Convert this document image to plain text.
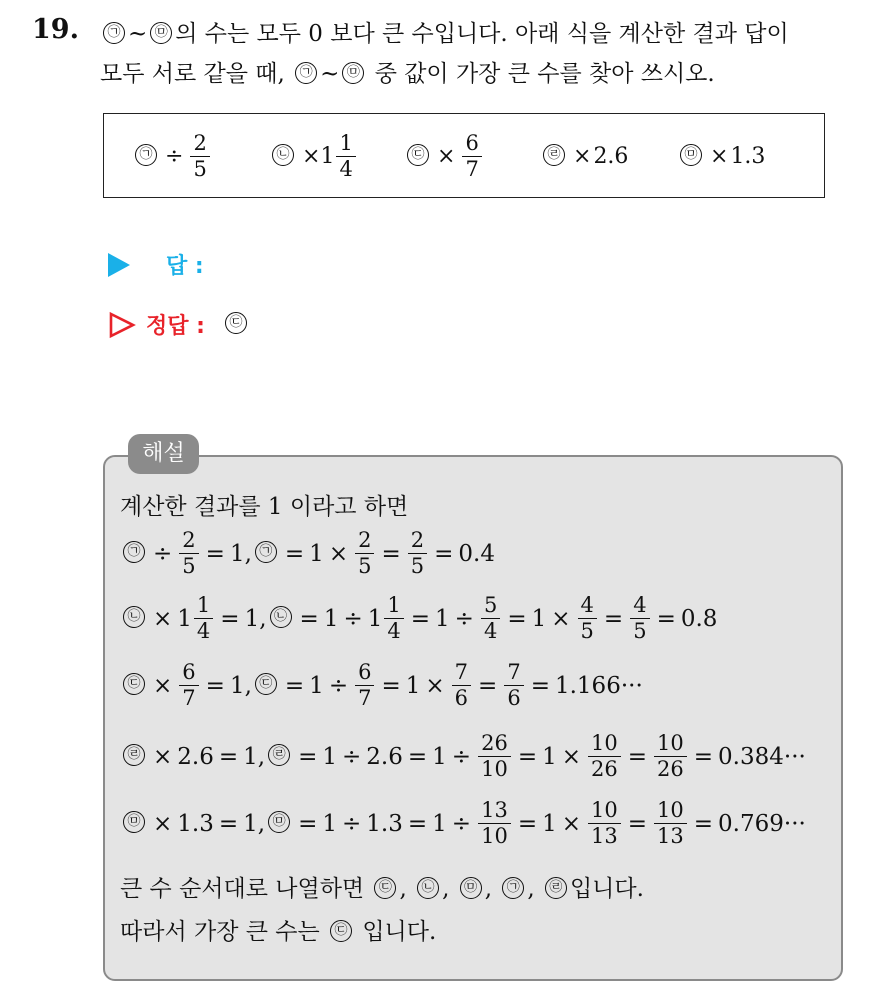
19.	㉠ ~ ㉤ 의 수는 모두 0 보다 큰 수입니다. 아래 식을 계산한 결과 답이
모두 서로 같을 때, ㉠ ~ ㉤ 중 값이 가장 큰 수를 찾아 쓰시오.
㉠ ÷ $\frac{2}{5}$	㉡ × $1 \frac{1}{4}$	㉢ × $\frac{6}{7}$	㉣ × 2.6	㉤ × 1.3
답 :
정답 :	㉢
해설
계산한 결과를 1 이라고 하면
㉠ ÷ $\frac{2}{5} = 1$, ㉠ = $1 \times \frac{2}{5} = \frac{2}{5} = 0.4$
㉡ × $1 \frac{1}{4} = 1$, ㉡ = $1 \div 1 \frac{1}{4} = 1 \div \frac{5}{4} = 1 \times \frac{4}{5} = \frac{4}{5} = 0.8$
㉢ × $\frac{6}{7} = 1$, ㉢ = $1 \div \frac{6}{7} = 1 \times \frac{7}{6} = \frac{7}{6} = 1.166\cdot\cdot\cdot$
㉣ × 2.6 = 1, ㉣ = $1 \div 2.6 = 1 \div \frac{26}{10} = 1 \times \frac{10}{26} = \frac{10}{26} = 0.384\cdot\cdot\cdot$
㉤ × 1.3 = 1, ㉤ = $1 \div 1.3 = 1 \div \frac{13}{10} = 1 \times \frac{10}{13} = \frac{10}{13} = 0.769\cdot\cdot\cdot$
큰 수 순서대로 나열하면 ㉢ , ㉡ , ㉤ , ㉠ , ㉣ 입니다.
따라서 가장 큰 수는 ㉢ 입니다.
